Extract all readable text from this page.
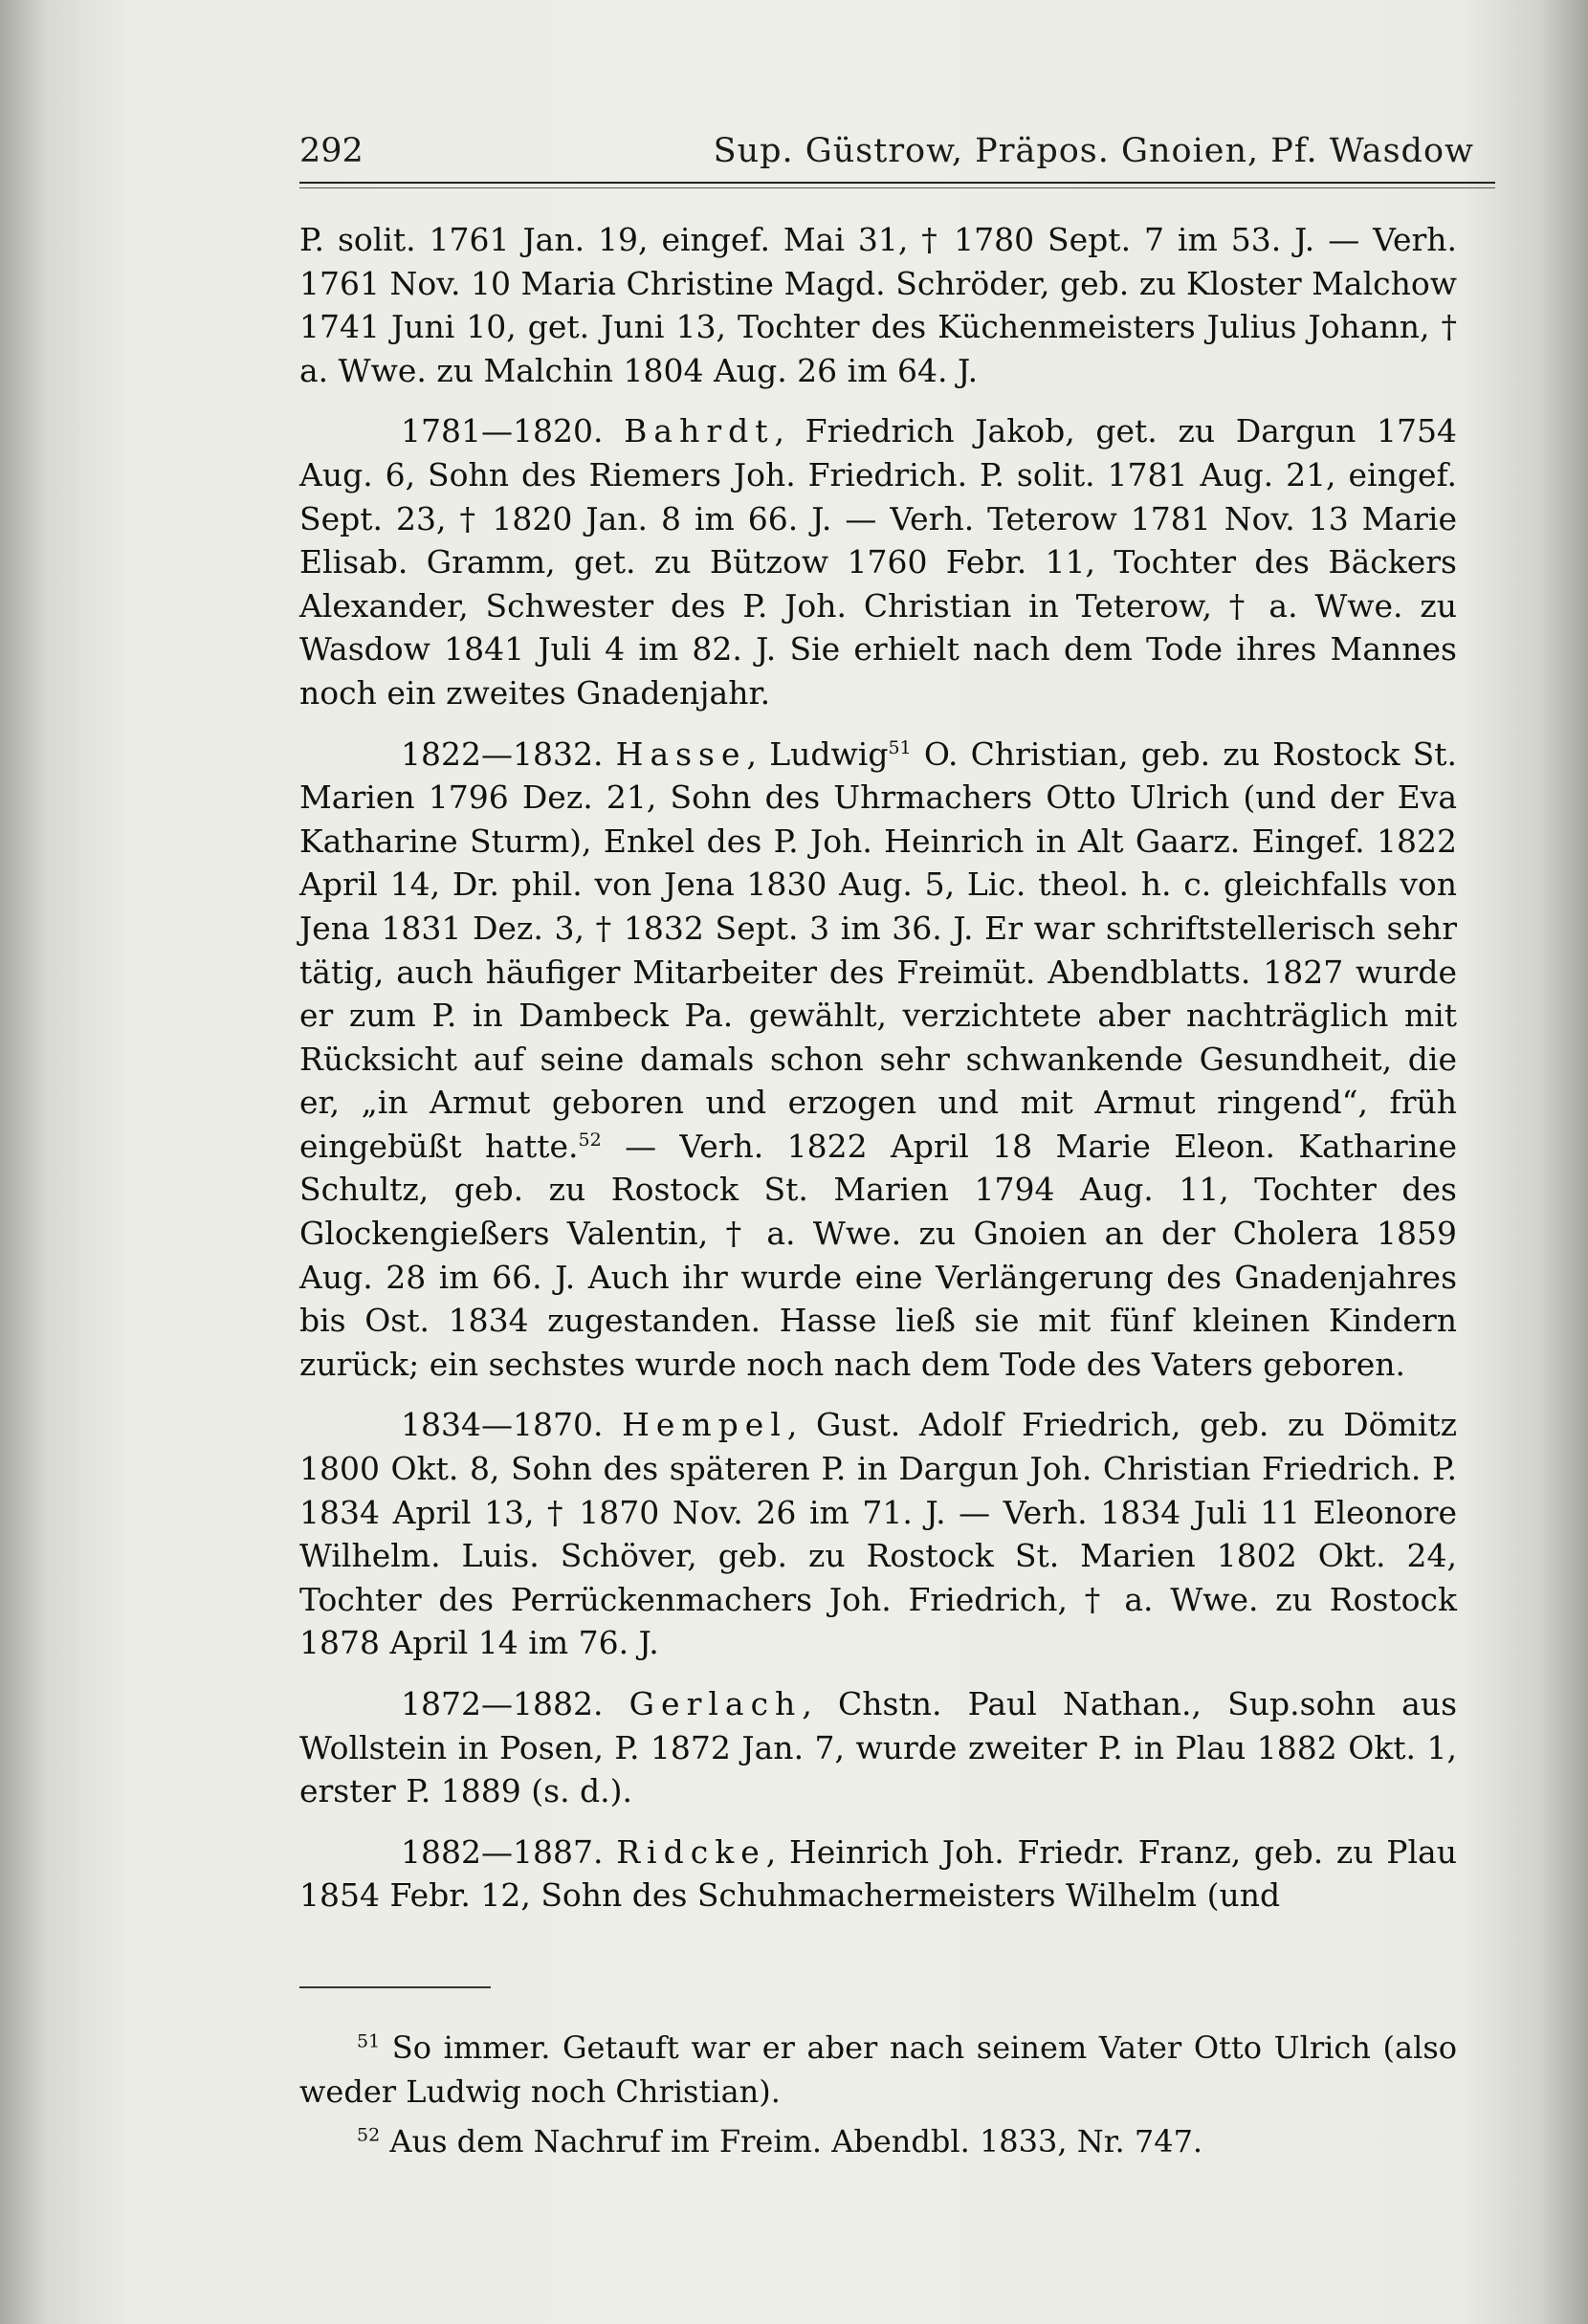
292	Sup. Güstrow, Präpos. Gnoien, Pf. Wasdow

P. solit. 1761 Jan. 19, eingef. Mai 31, † 1780 Sept. 7 im 53. J. — Verh. 1761 Nov. 10 Maria Christine Magd. Schröder, geb. zu Kloster Malchow 1741 Juni 10, get. Juni 13, Tochter des Küchenmeisters Julius Johann, † a. Wwe. zu Malchin 1804 Aug. 26 im 64. J.

1781—1820. Bahrdt, Friedrich Jakob, get. zu Dargun 1754 Aug. 6, Sohn des Riemers Joh. Friedrich. P. solit. 1781 Aug. 21, eingef. Sept. 23, † 1820 Jan. 8 im 66. J. — Verh. Teterow 1781 Nov. 13 Marie Elisab. Gramm, get. zu Bützow 1760 Febr. 11, Tochter des Bäckers Alexander, Schwester des P. Joh. Christian in Teterow, † a. Wwe. zu Wasdow 1841 Juli 4 im 82. J. Sie erhielt nach dem Tode ihres Mannes noch ein zweites Gnadenjahr.

1822—1832. Hasse, Ludwig$^{51}$ O. Christian, geb. zu Rostock St. Marien 1796 Dez. 21, Sohn des Uhrmachers Otto Ulrich (und der Eva Katharine Sturm), Enkel des P. Joh. Heinrich in Alt Gaarz. Eingef. 1822 April 14, Dr. phil. von Jena 1830 Aug. 5, Lic. theol. h. c. gleichfalls von Jena 1831 Dez. 3, † 1832 Sept. 3 im 36. J. Er war schriftstellerisch sehr tätig, auch häufiger Mitarbeiter des Freimüt. Abendblatts. 1827 wurde er zum P. in Dambeck Pa. gewählt, verzichtete aber nachträglich mit Rücksicht auf seine damals schon sehr schwankende Gesundheit, die er, „in Armut geboren und erzogen und mit Armut ringend“, früh eingebüßt hatte.$^{52}$ — Verh. 1822 April 18 Marie Eleon. Katharine Schultz, geb. zu Rostock St. Marien 1794 Aug. 11, Tochter des Glockengießers Valentin, † a. Wwe. zu Gnoien an der Cholera 1859 Aug. 28 im 66. J. Auch ihr wurde eine Verlängerung des Gnadenjahres bis Ost. 1834 zugestanden. Hasse ließ sie mit fünf kleinen Kindern zurück; ein sechstes wurde noch nach dem Tode des Vaters geboren.

1834—1870. Hempel, Gust. Adolf Friedrich, geb. zu Dömitz 1800 Okt. 8, Sohn des späteren P. in Dargun Joh. Christian Friedrich. P. 1834 April 13, † 1870 Nov. 26 im 71. J. — Verh. 1834 Juli 11 Eleonore Wilhelm. Luis. Schöver, geb. zu Rostock St. Marien 1802 Okt. 24, Tochter des Perrückenmachers Joh. Friedrich, † a. Wwe. zu Rostock 1878 April 14 im 76. J.

1872—1882. Gerlach, Chstn. Paul Nathan., Sup.sohn aus Wollstein in Posen, P. 1872 Jan. 7, wurde zweiter P. in Plau 1882 Okt. 1, erster P. 1889 (s. d.).

1882—1887. Ridcke, Heinrich Joh. Friedr. Franz, geb. zu Plau 1854 Febr. 12, Sohn des Schuhmachermeisters Wilhelm (und

$^{51}$ So immer. Getauft war er aber nach seinem Vater Otto Ulrich (also weder Ludwig noch Christian).

$^{52}$ Aus dem Nachruf im Freim. Abendbl. 1833, Nr. 747.
